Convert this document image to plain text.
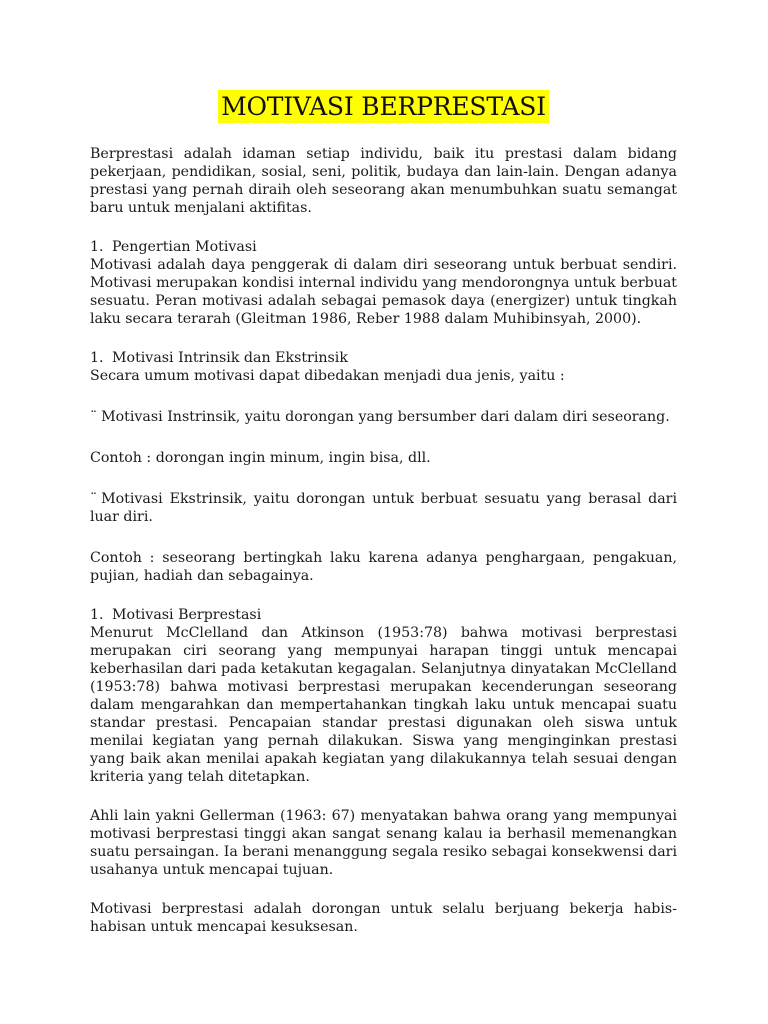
MOTIVASI BERPRESTASI

Berprestasi adalah idaman setiap individu, baik itu prestasi dalam bidang pekerjaan, pendidikan, sosial, seni, politik, budaya dan lain-lain. Dengan adanya prestasi yang pernah diraih oleh seseorang akan menumbuhkan suatu semangat baru untuk menjalani aktifitas.

1. Pengertian Motivasi

Motivasi adalah daya penggerak di dalam diri seseorang untuk berbuat sendiri. Motivasi merupakan kondisi internal individu yang mendorongnya untuk berbuat sesuatu. Peran motivasi adalah sebagai pemasok daya (energizer) untuk tingkah laku secara terarah (Gleitman 1986, Reber 1988 dalam Muhibinsyah, 2000).

1. Motivasi Intrinsik dan Ekstrinsik

Secara umum motivasi dapat dibedakan menjadi dua jenis, yaitu :

¨ Motivasi Instrinsik, yaitu dorongan yang bersumber dari dalam diri seseorang.

Contoh : dorongan ingin minum, ingin bisa, dll.

¨ Motivasi Ekstrinsik, yaitu dorongan untuk berbuat sesuatu yang berasal dari luar diri.

Contoh : seseorang bertingkah laku karena adanya penghargaan, pengakuan, pujian, hadiah dan sebagainya.

1. Motivasi Berprestasi

Menurut McClelland dan Atkinson (1953:78) bahwa motivasi berprestasi merupakan ciri seorang yang mempunyai harapan tinggi untuk mencapai keberhasilan dari pada ketakutan kegagalan. Selanjutnya dinyatakan McClelland (1953:78) bahwa motivasi berprestasi merupakan kecenderungan seseorang dalam mengarahkan dan mempertahankan tingkah laku untuk mencapai suatu standar prestasi. Pencapaian standar prestasi digunakan oleh siswa untuk menilai kegiatan yang pernah dilakukan. Siswa yang menginginkan prestasi yang baik akan menilai apakah kegiatan yang dilakukannya telah sesuai dengan kriteria yang telah ditetapkan.

Ahli lain yakni Gellerman (1963: 67) menyatakan bahwa orang yang mempunyai motivasi berprestasi tinggi akan sangat senang kalau ia berhasil memenangkan suatu persaingan. Ia berani menanggung segala resiko sebagai konsekwensi dari usahanya untuk mencapai tujuan.

Motivasi berprestasi adalah dorongan untuk selalu berjuang bekerja habis-habisan untuk mencapai kesuksesan.
